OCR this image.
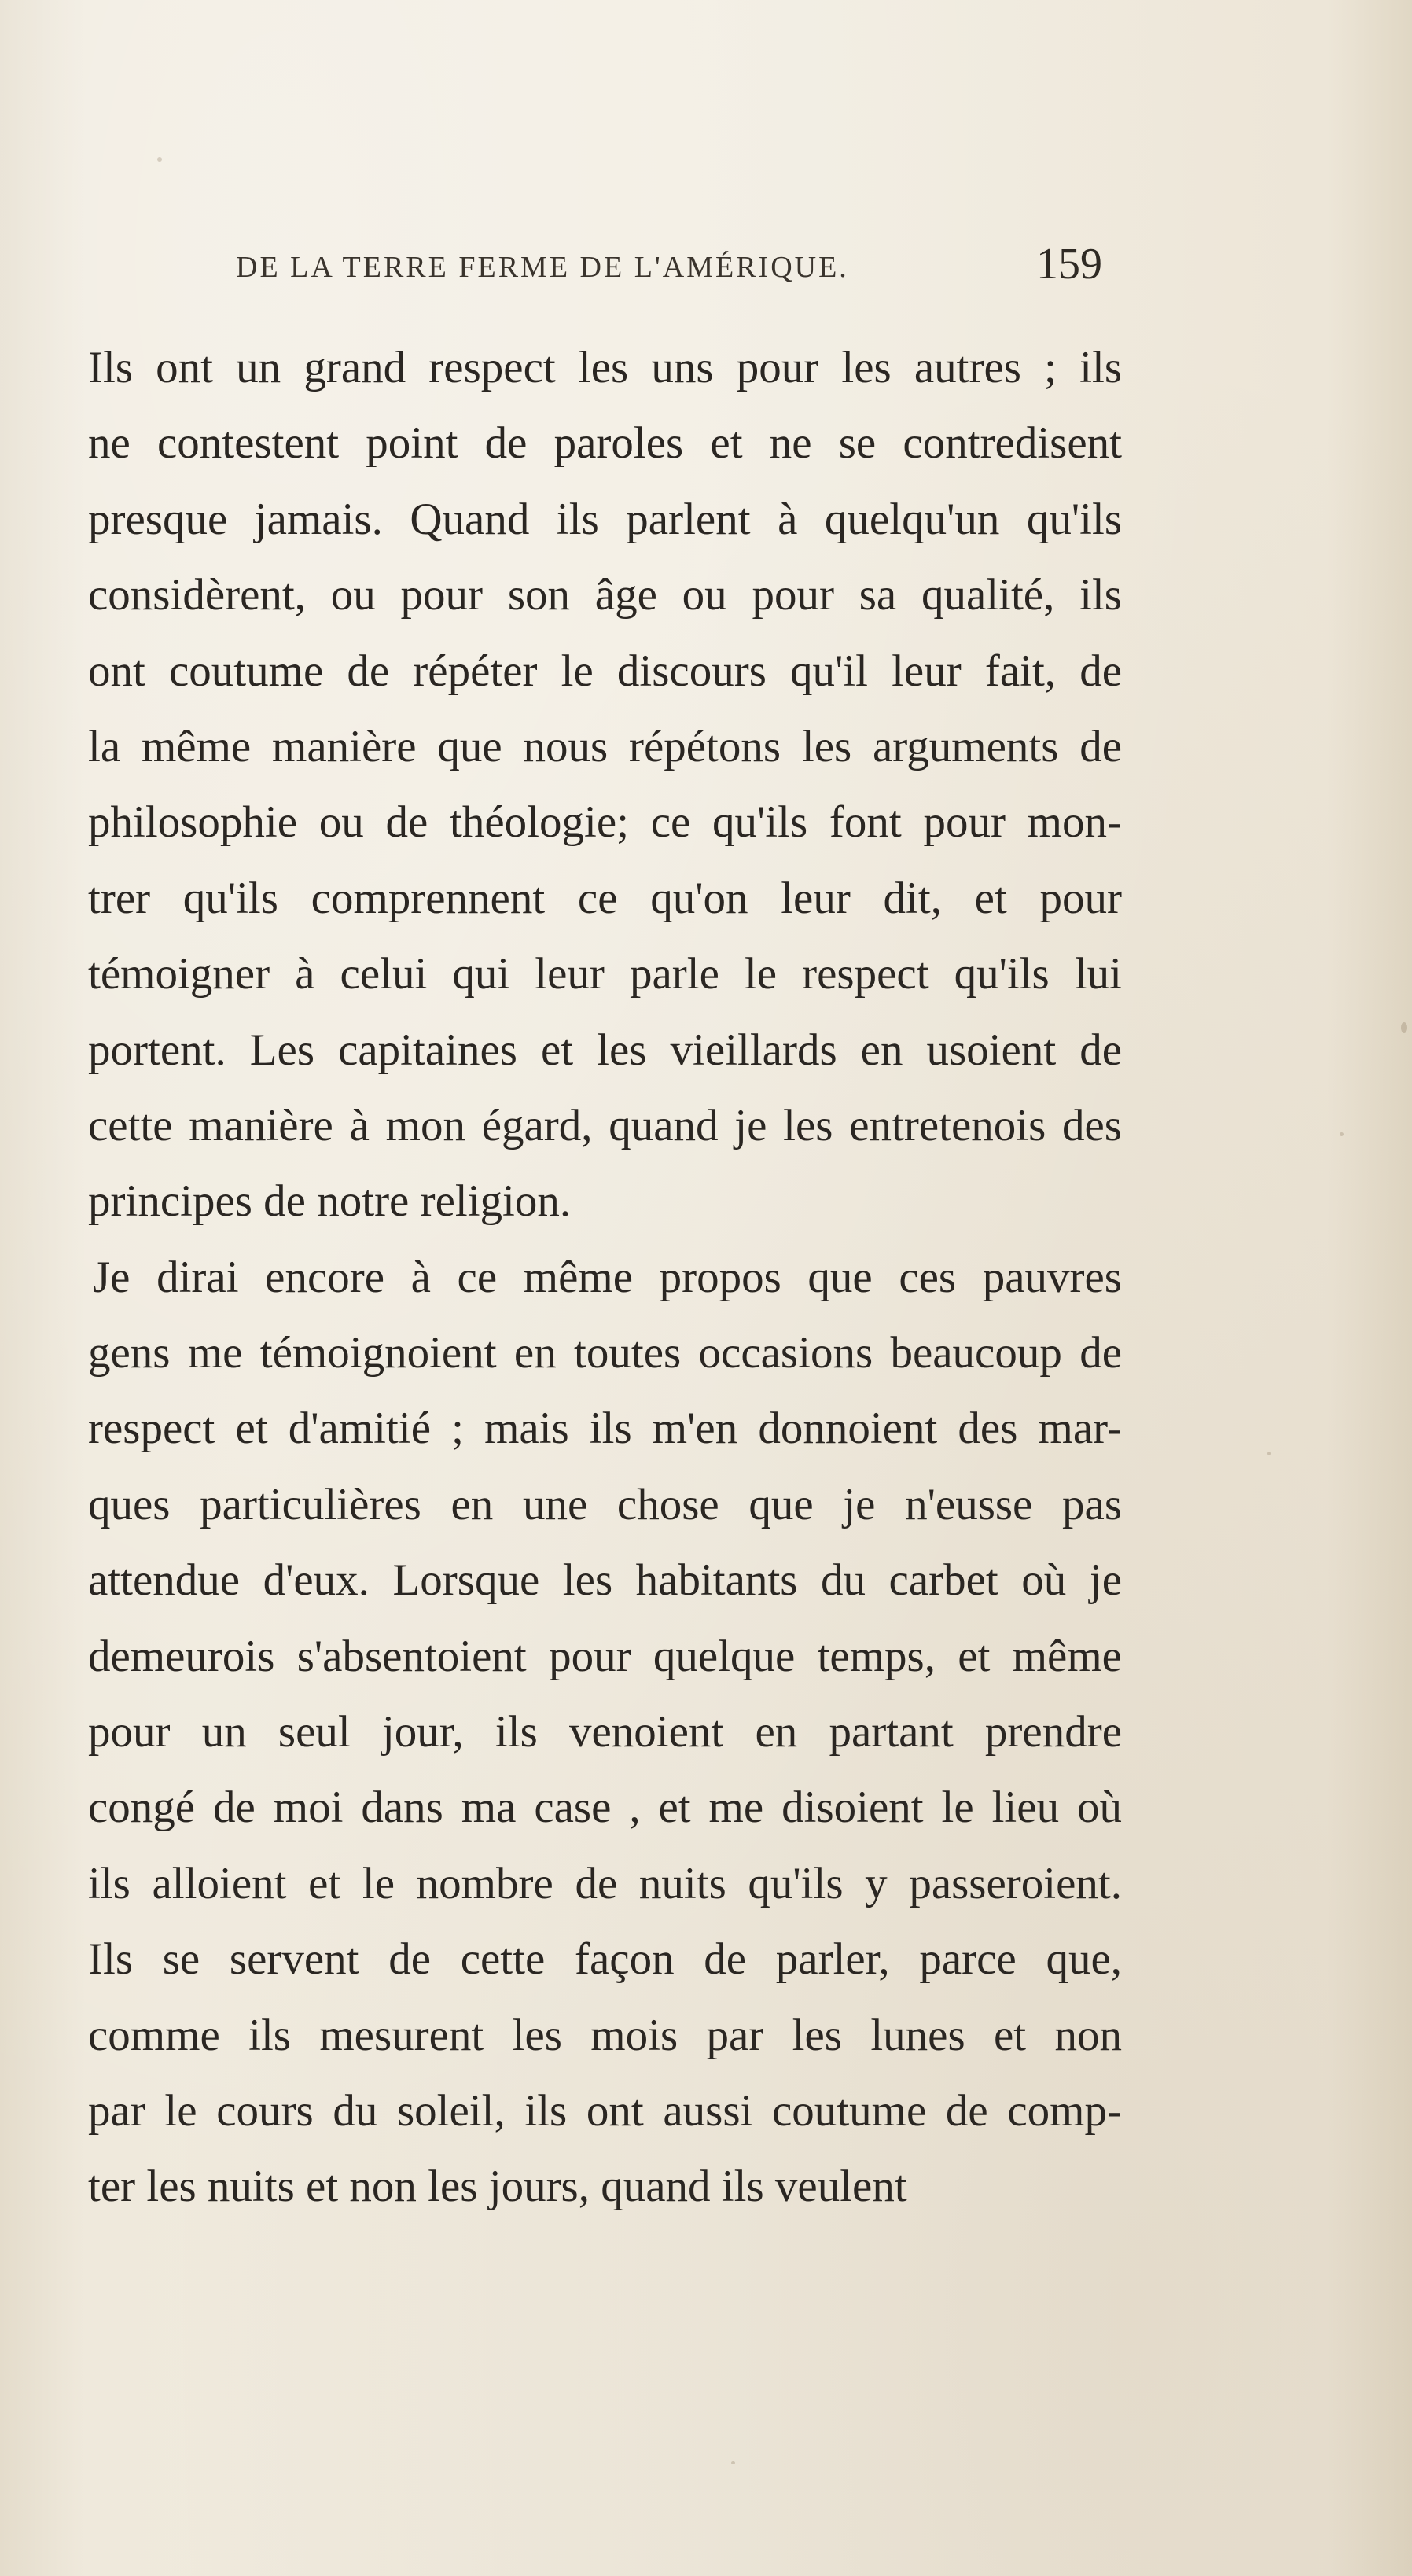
DE LA TERRE FERME DE L'AMÉRIQUE.	159
Ils ont un grand respect les uns pour les autres ; ils
ne contestent point de paroles et ne se contredisent
presque jamais. Quand ils parlent à quelqu'un qu'ils
considèrent, ou pour son âge ou pour sa qualité, ils
ont coutume de répéter le discours qu'il leur fait, de
la même manière que nous répétons les arguments de
philosophie ou de théologie; ce qu'ils font pour mon-
trer qu'ils comprennent ce qu'on leur dit, et pour
témoigner à celui qui leur parle le respect qu'ils lui
portent. Les capitaines et les vieillards en usoient de
cette manière à mon égard, quand je les entretenois des
principes de notre religion.
Je dirai encore à ce même propos que ces pauvres
gens me témoignoient en toutes occasions beaucoup de
respect et d'amitié ; mais ils m'en donnoient des mar-
ques particulières en une chose que je n'eusse pas
attendue d'eux. Lorsque les habitants du carbet où je
demeurois s'absentoient pour quelque temps, et même
pour un seul jour, ils venoient en partant prendre
congé de moi dans ma case , et me disoient le lieu où
ils alloient et le nombre de nuits qu'ils y passeroient.
Ils se servent de cette façon de parler, parce que,
comme ils mesurent les mois par les lunes et non
par le cours du soleil, ils ont aussi coutume de comp-
ter les nuits et non les jours, quand ils veulent
